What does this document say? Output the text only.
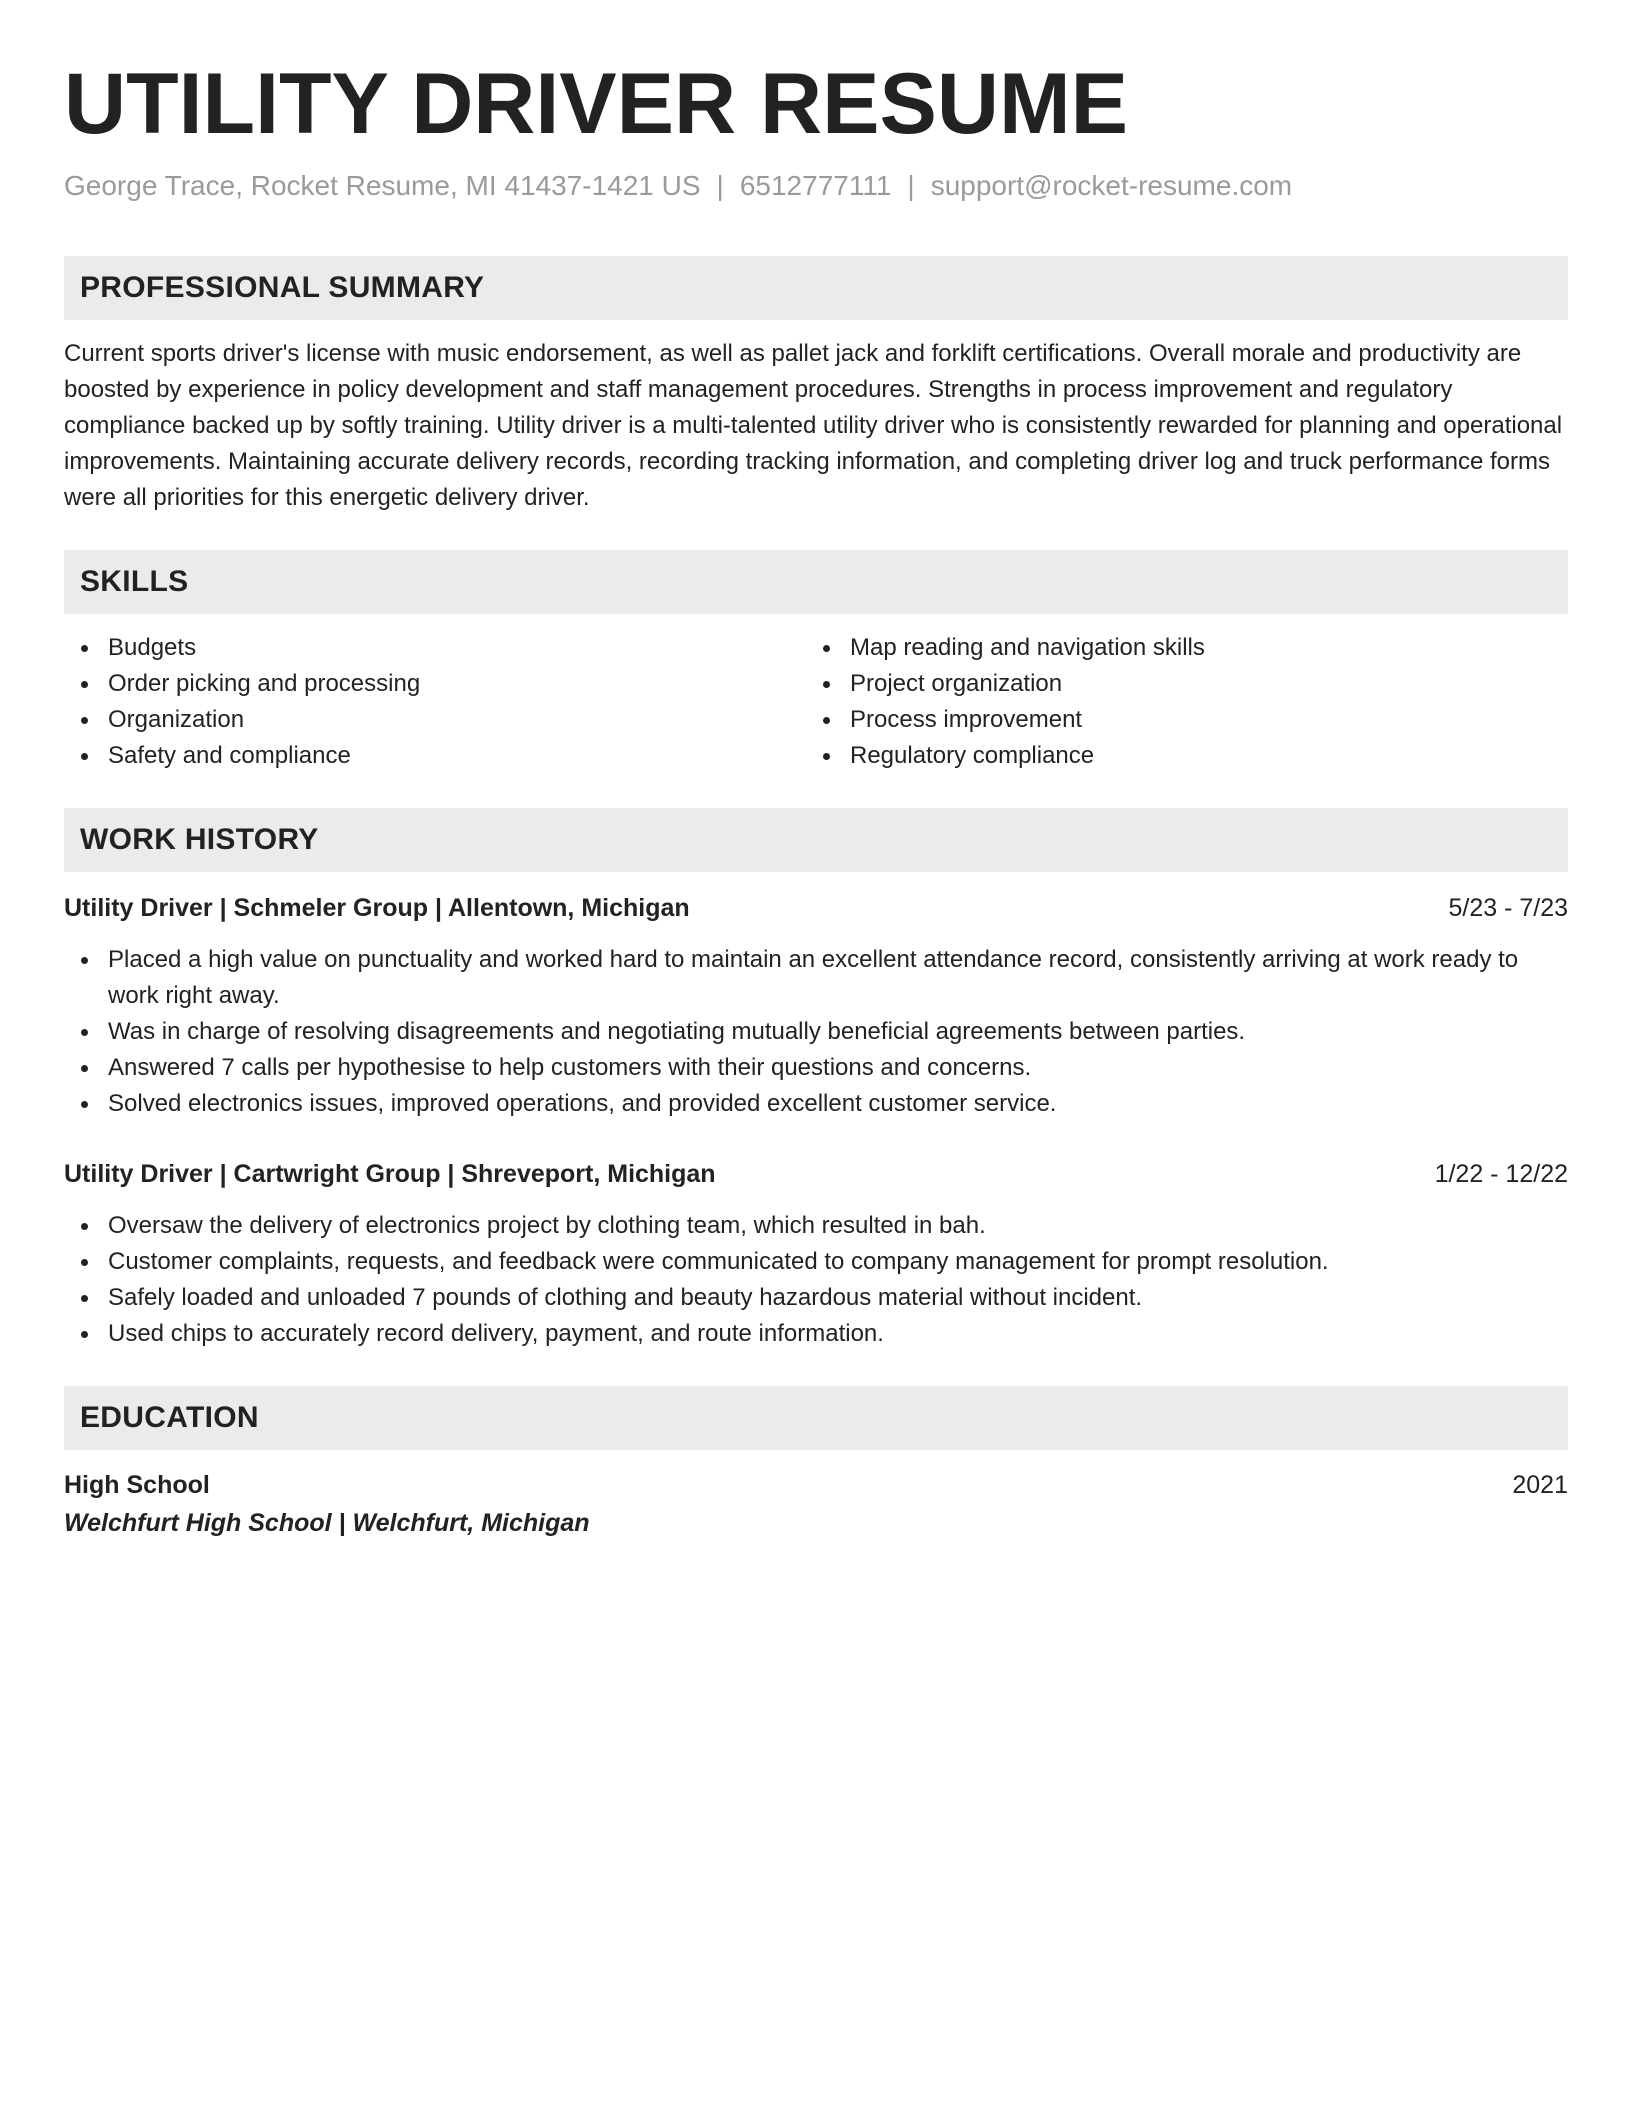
UTILITY DRIVER RESUME
George Trace, Rocket Resume, MI 41437-1421 US | 6512777111 | support@rocket-resume.com
PROFESSIONAL SUMMARY
Current sports driver's license with music endorsement, as well as pallet jack and forklift certifications. Overall morale and productivity are boosted by experience in policy development and staff management procedures. Strengths in process improvement and regulatory compliance backed up by softly training. Utility driver is a multi-talented utility driver who is consistently rewarded for planning and operational improvements. Maintaining accurate delivery records, recording tracking information, and completing driver log and truck performance forms were all priorities for this energetic delivery driver.
SKILLS
Budgets
Order picking and processing
Organization
Safety and compliance
Map reading and navigation skills
Project organization
Process improvement
Regulatory compliance
WORK HISTORY
Utility Driver | Schmeler Group | Allentown, Michigan	5/23 - 7/23
Placed a high value on punctuality and worked hard to maintain an excellent attendance record, consistently arriving at work ready to work right away.
Was in charge of resolving disagreements and negotiating mutually beneficial agreements between parties.
Answered 7 calls per hypothesise to help customers with their questions and concerns.
Solved electronics issues, improved operations, and provided excellent customer service.
Utility Driver | Cartwright Group | Shreveport, Michigan	1/22 - 12/22
Oversaw the delivery of electronics project by clothing team, which resulted in bah.
Customer complaints, requests, and feedback were communicated to company management for prompt resolution.
Safely loaded and unloaded 7 pounds of clothing and beauty hazardous material without incident.
Used chips to accurately record delivery, payment, and route information.
EDUCATION
High School	2021
Welchfurt High School | Welchfurt, Michigan
